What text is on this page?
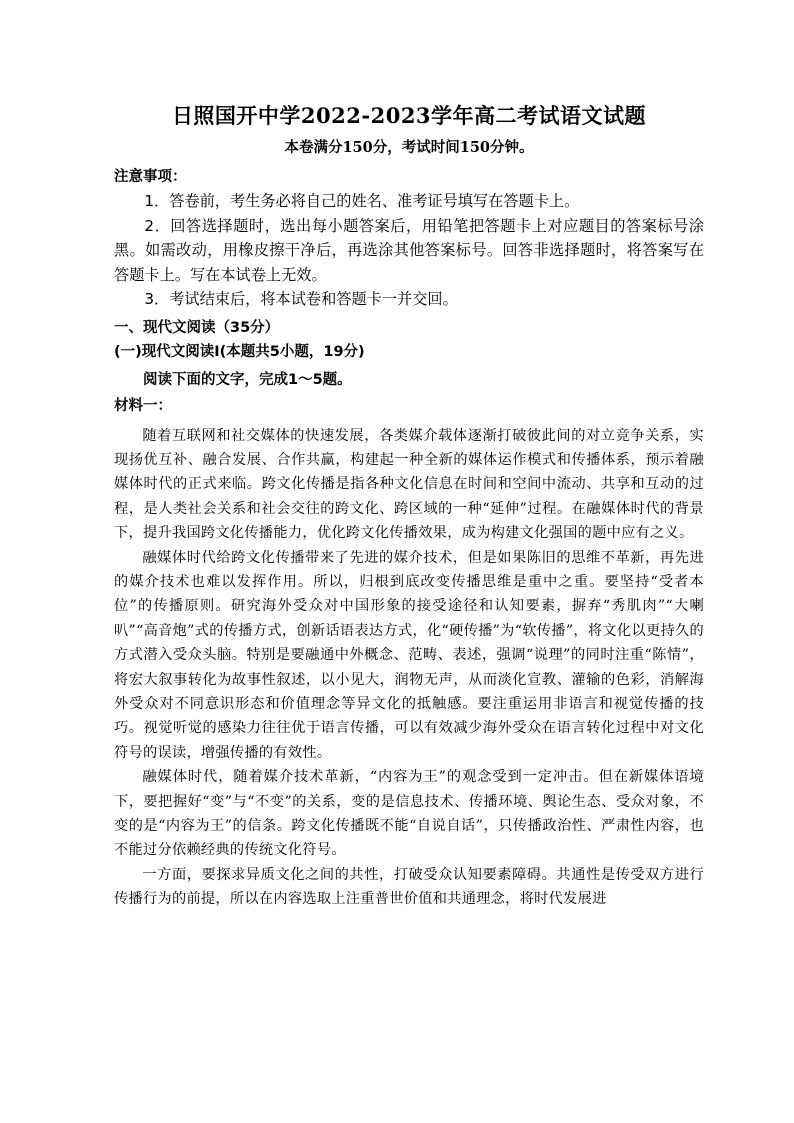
日照国开中学2022-2023学年高二考试语文试题
本卷满分150分，考试时间150分钟。
注意事项：

1．答卷前，考生务必将自己的姓名、准考证号填写在答题卡上。

2．回答选择题时，选出每小题答案后，用铅笔把答题卡上对应题目的答案标号涂黑。如需改动，用橡皮擦干净后，再选涂其他答案标号。回答非选择题时，将答案写在答题卡上。写在本试卷上无效。

3．考试结束后，将本试卷和答题卡一并交回。

一、现代文阅读（35分）
(一)现代文阅读Ⅰ(本题共5小题，19分)
阅读下面的文字，完成1～5题。
材料一：

随着互联网和社交媒体的快速发展，各类媒介载体逐渐打破彼此间的对立竞争关系，实现扬优互补、融合发展、合作共赢，构建起一种全新的媒体运作模式和传播体系，预示着融媒体时代的正式来临。跨文化传播是指各种文化信息在时间和空间中流动、共享和互动的过程，是人类社会关系和社会交往的跨文化、跨区域的一种“延伸”过程。在融媒体时代的背景下，提升我国跨文化传播能力，优化跨文化传播效果，成为构建文化强国的题中应有之义。

融媒体时代给跨文化传播带来了先进的媒介技术，但是如果陈旧的思维不革新，再先进的媒介技术也难以发挥作用。所以，归根到底改变传播思维是重中之重。要坚持“受者本位”的传播原则。研究海外受众对中国形象的接受途径和认知要素，摒弃“秀肌肉”“大喇叭”“高音炮”式的传播方式，创新话语表达方式，化“硬传播”为“软传播”，将文化以更持久的方式潜入受众头脑。特别是要融通中外概念、范畴、表述，强调“说理”的同时注重“陈情”，将宏大叙事转化为故事性叙述，以小见大，润物无声，从而淡化宣教、灌输的色彩，消解海外受众对不同意识形态和价值理念等异文化的抵触感。要注重运用非语言和视觉传播的技巧。视觉听觉的感染力往往优于语言传播，可以有效减少海外受众在语言转化过程中对文化符号的误读，增强传播的有效性。

融媒体时代，随着媒介技术革新，“内容为王”的观念受到一定冲击。但在新媒体语境下，要把握好“变”与“不变”的关系，变的是信息技术、传播环境、舆论生态、受众对象，不变的是“内容为王”的信条。跨文化传播既不能“自说自话”，只传播政治性、严肃性内容，也不能过分依赖经典的传统文化符号。

一方面，要探求异质文化之间的共性，打破受众认知要素障碍。共通性是传受双方进行传播行为的前提，所以在内容选取上注重普世价值和共通理念，将时代发展进
